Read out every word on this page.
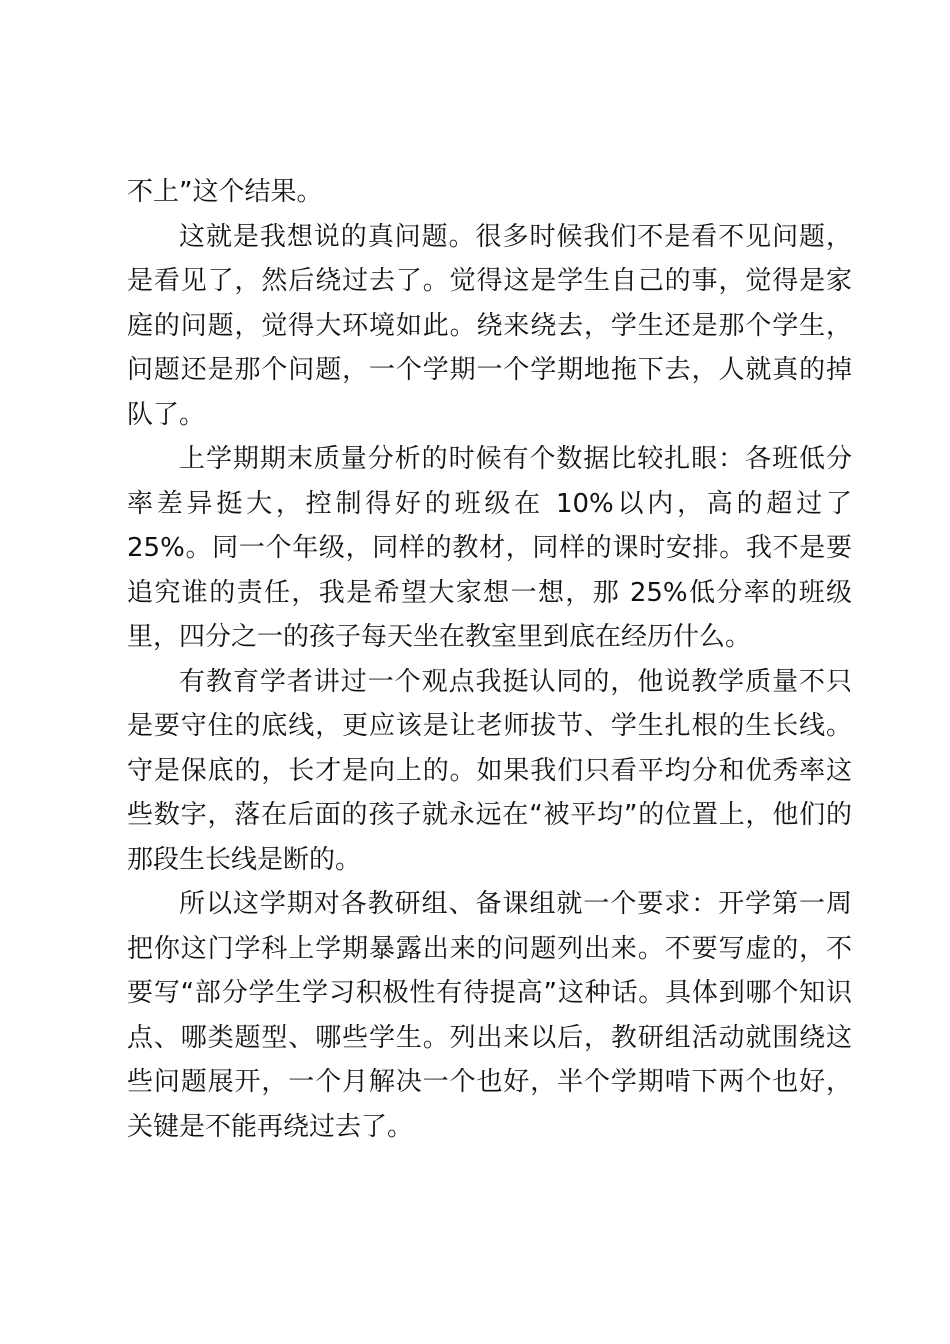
不上”这个结果。

这就是我想说的真问题。很多时候我们不是看不见问题，是看见了，然后绕过去了。觉得这是学生自己的事，觉得是家庭的问题，觉得大环境如此。绕来绕去，学生还是那个学生，问题还是那个问题，一个学期一个学期地拖下去，人就真的掉队了。

上学期期末质量分析的时候有个数据比较扎眼：各班低分率差异挺大，控制得好的班级在 10%以内，高的超过了 25%。同一个年级，同样的教材，同样的课时安排。我不是要追究谁的责任，我是希望大家想一想，那 25%低分率的班级里，四分之一的孩子每天坐在教室里到底在经历什么。

有教育学者讲过一个观点我挺认同的，他说教学质量不只是要守住的底线，更应该是让老师拔节、学生扎根的生长线。守是保底的，长才是向上的。如果我们只看平均分和优秀率这些数字，落在后面的孩子就永远在“被平均”的位置上，他们的那段生长线是断的。

所以这学期对各教研组、备课组就一个要求：开学第一周把你这门学科上学期暴露出来的问题列出来。不要写虚的，不要写“部分学生学习积极性有待提高”这种话。具体到哪个知识点、哪类题型、哪些学生。列出来以后，教研组活动就围绕这些问题展开，一个月解决一个也好，半个学期啃下两个也好，关键是不能再绕过去了。
